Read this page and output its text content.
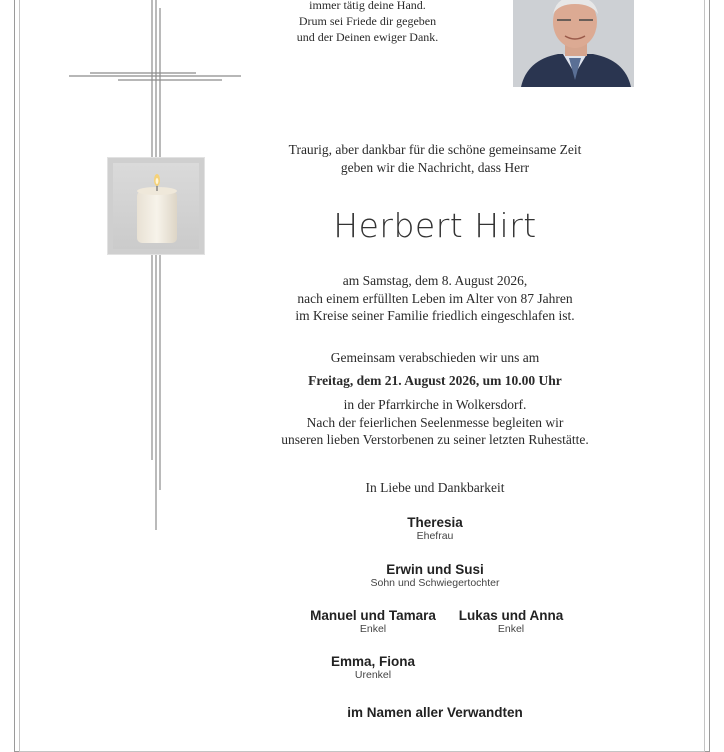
immer tätig deine Hand.
Drum sei Friede dir gegeben
und der Deinen ewiger Dank.
Traurig, aber dankbar für die schöne gemeinsame Zeit
geben wir die Nachricht, dass Herr
Herbert Hirt
am Samstag, dem 8. August 2026,
nach einem erfüllten Leben im Alter von 87 Jahren
im Kreise seiner Familie friedlich eingeschlafen ist.
Gemeinsam verabschieden wir uns am
Freitag, dem 21. August 2026, um 10.00 Uhr
in der Pfarrkirche in Wolkersdorf.
Nach der feierlichen Seelenmesse begleiten wir
unseren lieben Verstorbenen zu seiner letzten Ruhestätte.
In Liebe und Dankbarkeit
Theresia
Ehefrau
Erwin und Susi
Sohn und Schwiegertochter
Manuel und Tamara
Enkel
Lukas und Anna
Enkel
Emma, Fiona
Urenkel
im Namen aller Verwandten
